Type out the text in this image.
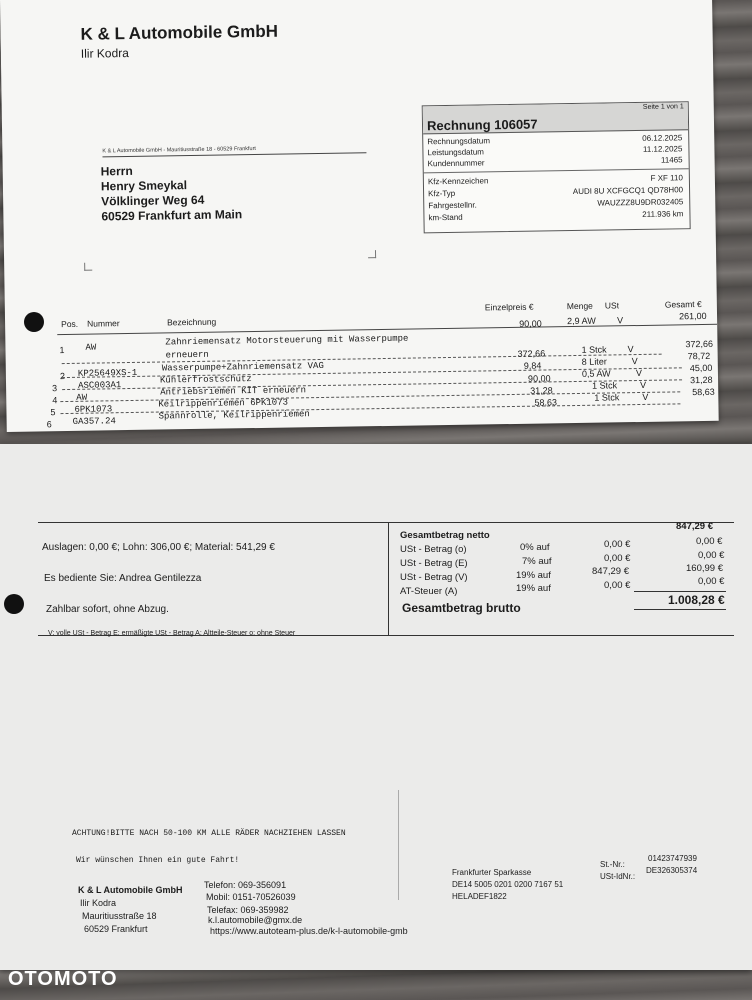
K & L Automobile GmbH
Ilir Kodra
K & L Automobile GmbH - Mauritiusstraße 18 - 60529 Frankfurt
Herrn
Henry Smeykal
Völklinger Weg 64
60529 Frankfurt am Main
Rechnung 106057
Seite 1 von 1
Rechnungsdatum	06.12.2025
Leistungsdatum	11.12.2025
Kundennummer	11465
Kfz-Kennzeichen	F XF 110
Kfz-Typ	AUDI 8U XCFGCQ1 QD78H00
Fahrgestellnr.	WAUZZZ8U9DR032405
km-Stand	211.936 km
Pos. Nummer	Bezeichnung
Einzelpreis €	Menge USt	Gesamt €
1 AW
Zahnriemensatz Motorsteuerung mit Wasserpumpe
erneuern
90,00	2,9 AW V	261,00
2 KP25649XS-1	Wasserpumpe+Zahnriemensatz VAG
372,66	1 Stck V	372,66
3 ASC003A1	Kühlerfrostschutz
9,84	8 Liter	V	78,72
4 AW
Antriebsriemen KIT erneuern
90,00	0,5 AW	V	45,00
5 6PK1073
Keilrippenriemen 6PK1073
31,28	1 Stck	V	31,28
6 GA357.24
Spannrolle, Keilrippenriemen
58,63	1 Stck	V	58,63
Auslagen: 0,00 €; Lohn: 306,00 €; Material: 541,29 €
Es bediente Sie: Andrea Gentilezza
Zahlbar sofort, ohne Abzug.
V: volle USt - Betrag E: ermäßigte USt - Betrag A: Altteile-Steuer o: ohne Steuer
Gesamtbetrag netto
847,29 €
USt - Betrag (o)	0% auf	0,00 €	0,00 €
USt - Betrag (E)	7% auf	0,00 €	0,00 €
USt - Betrag (V)	19% auf	847,29 €	160,99 €
AT-Steuer (A)	19% auf	0,00 €	0,00 €
Gesamtbetrag brutto
1.008,28 €
ACHTUNG!BITTE NACH 50-100 KM ALLE RÄDER NACHZIEHEN LASSEN
Wir wünschen Ihnen ein gute Fahrt!
K & L Automobile GmbH
Ilir Kodra
Mauritiusstraße 18
60529 Frankfurt
Telefon: 069-356091
Mobil: 0151-70526039
Telefax: 069-359982
k.l.automobile@gmx.de
https://www.autoteam-plus.de/k-l-automobile-gmb
Frankfurter Sparkasse
DE14 5005 0201 0200 7167 51
HELADEF1822
St.-Nr.:
01423747939
USt-IdNr.:
DE326305374
OTOMOTO
